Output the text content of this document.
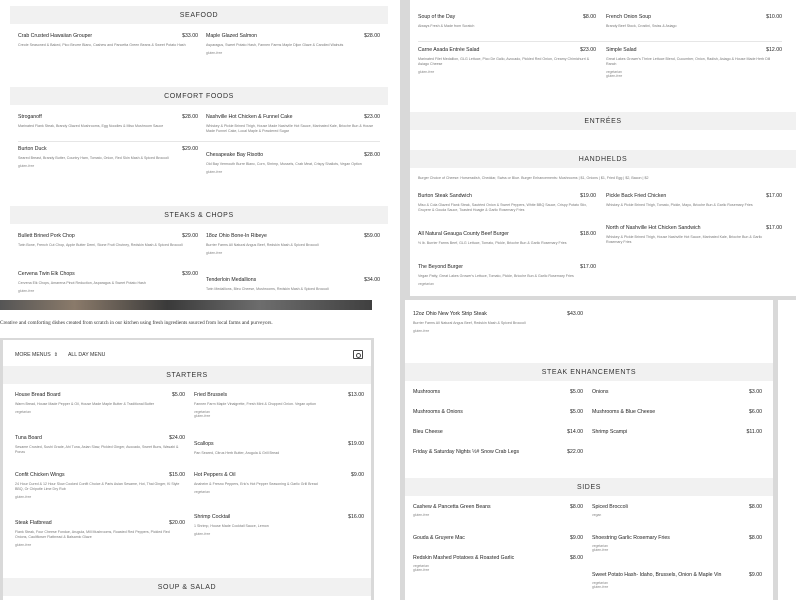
SEAFOOD
Crab Crusted Hawaiian Grouper	$33.00
Creole Seasoned & Baked, Pico Beurre Blanc, Cashew and Pancetta Green Beans & Sweet Potato Hash
Maple Glazed Salmon	$28.00
Asparagus, Sweet Potato Hash, Fannen Farms Maple Dijon Glaze & Candied Walnuts
gluten-free
COMFORT FOODS
Stroganoff	$28.00
Marinated Flank Steak, Brandy Glazed Mushrooms, Egg Noodles & Miso Mushroom Sauce
Nashville Hot Chicken & Funnel Cake	$23.00
Whiskey & Pickle Brined Thigh, House Made Nashville Hot Sauce, Marinated Kale, Brioche Bun & House Made Funnel Cake, Local Maple & Powdered Sugar
Burton Duck	$29.00
Seared Breast, Brandy Butter, Country Ham, Tomato, Onion, Red Skin Mash & Spiced Broccoli
gluten-free
Chesapeake Bay Risotto	$28.00
Old Bay Vermouth Burre Blanc, Corn, Shrimp, Mussels, Crab Meat, Crispy Shallots, Vegan Option
gluten-free
STEAKS & CHOPS
Bullett Brined Pork Chop	$29.00
Twin Bone, French Cut Chop, Apple Butter Demi, Stone Fruit Chutney, Redskin Mash & Spiced Broccoli
18oz Ohio Bone-In Ribeye	$59.00
Burrier Farms All Natural Angus Beef, Redskin Mash & Spiced Broccoli
gluten-free
Cervena Twin Elk Chops	$39.00
Cervena Elk Chops, Amarena Pinot Reduction, Asparagus & Sweet Potato Hash
gluten-free
Tenderloin Medallions	$34.00
Twin Medallions, Bleu Cheese, Mushrooms, Redskin Mash & Spiced Broccoli
Soup of the Day	$8.00
Always Fresh & Made from Scratch
French Onion Soup	$10.00
Brandy Beef Stock, Crostini, Swiss & Asiago
Carne Asada Entrée Salad	$23.00
Marinated Filet Medallion, GLG Lettuce, Pico De Gallo, Avocado, Pickled Red Onion, Creamy Chimichurri & Asiago Cheese
gluten-free
Simple Salad	$12.00
Great Lakes Grower's Thrive Lettuce Blend, Cucumber, Onion, Radish, Asiago & House Made Herb Dill Ranch
vegetarian
gluten-free
ENTRÉES
HANDHELDS
Burger Choice of Cheese: Horseradish, Cheddar, Swiss or Blue. Burger Enhancements: Mushrooms | $1, Onions | $1, Fried Egg | $2, Bacon | $2
Burton Steak Sandwich	$19.00
Miso & Cola Glazed Flank Steak, Sautéed Onion & Sweet Peppers, White BBQ Sauce, Crispy Potato Stix, Gruyere & Gouda Sauce, Toasted Hoagie & Garlic Rosemary Fries
Pickle Back Fried Chicken	$17.00
Whiskey & Pickle Brined Thigh, Tomato, Pickle, Mayo, Brioche Bun & Garlic Rosemary Fries
North of Nashville Hot Chicken Sandwich	$17.00
Whiskey & Pickle Brined Thigh, House Nashville Hot Sauce, Marinated Kale, Brioche Bun & Garlic Rosemary Fries
All Natural Geauga County Beef Burger	$18.00
½ lb. Burrier Farms Beef, GLG Lettuce, Tomato, Pickle, Brioche Bun & Garlic Rosemary Fries
The Beyond Burger	$17.00
Vegan Patty, Great Lakes Grower's Lettuce, Tomato, Pickle, Brioche Bun & Garlic Rosemary Fries
vegetarian
Creative and comforting dishes created from scratch in our kitchen using fresh ingredients sourced from local farms and purveyors.
MORE MENUS ⇕ ALL DAY MENU
STARTERS
House Bread Board	$5.00
Warm Bread, House Made Pepper & Oil, House Made Maple Butter & Traditional Butter
vegetarian
Fried Brussels	$13.00
Fannen Farm Maple Vinaigrette, Fresh Mint & Chopped Onion. Vegan option
vegetarian
gluten-free
Tuna Board	$24.00
Sesame Crusted, Sushi Grade, Ahi Tuna, Asian Slaw, Pickled Ginger, Avocado, Sweet Buns, Wasabi & Ponzu
Scallops	$19.00
Pan Seared, Citrus Herb Butter, Arugula & Grill Bread
Confit Chicken Wings	$15.00
24 Hour Cured & 12 Hour Slow Cooked Confit Choice & Paris Asian Sesame, Hot, Thai Ginger, Ki Style BBQ, Or Chipotle Lime Dry Rub
gluten-free
Hot Peppers & Oil	$9.00
Anaheim & Fresno Peppers, Eric's Hot Pepper Seasoning & Garlic Grill Bread
vegetarian
Steak Flatbread	$20.00
Flank Steak, Four Cheese Fondue, Arugula, Mill Mushrooms, Roasted Red Peppers, Pickled Red Onions, Cauliflower Flatbread & Balsamic Glaze
gluten-free
Shrimp Cocktail	$16.00
1 Shrimp, House Made Cocktail Sauce, Lemon
gluten-free
SOUP & SALAD
12oz Ohio New York Strip Steak	$43.00
Burrier Farms All Natural Angus Beef, Redskin Mash & Spiced Broccoli
gluten-free
STEAK ENHANCEMENTS
Mushrooms	$5.00 Onions	$3.00
Mushrooms & Onions	$5.00 Mushrooms & Blue Cheese	$6.00
Bleu Cheese	$14.00 Shrimp Scampi	$11.00
Friday & Saturday Nights ½# Snow Crab Legs	$22.00
SIDES
Cashew & Pancetta Green Beans	$8.00
gluten-free
Spiced Broccoli	$8.00
vegan
Gouda & Gruyere Mac	$9.00 Shoestring Garlic Rosemary Fries	$8.00
vegetarian
gluten-free
Redskin Mashed Potatoes & Roasted Garlic	$8.00
vegetarian
gluten-free
Sweet Potato Hash- Idaho, Brussels, Onion & Maple Vin	$9.00
vegetarian
gluten-free
